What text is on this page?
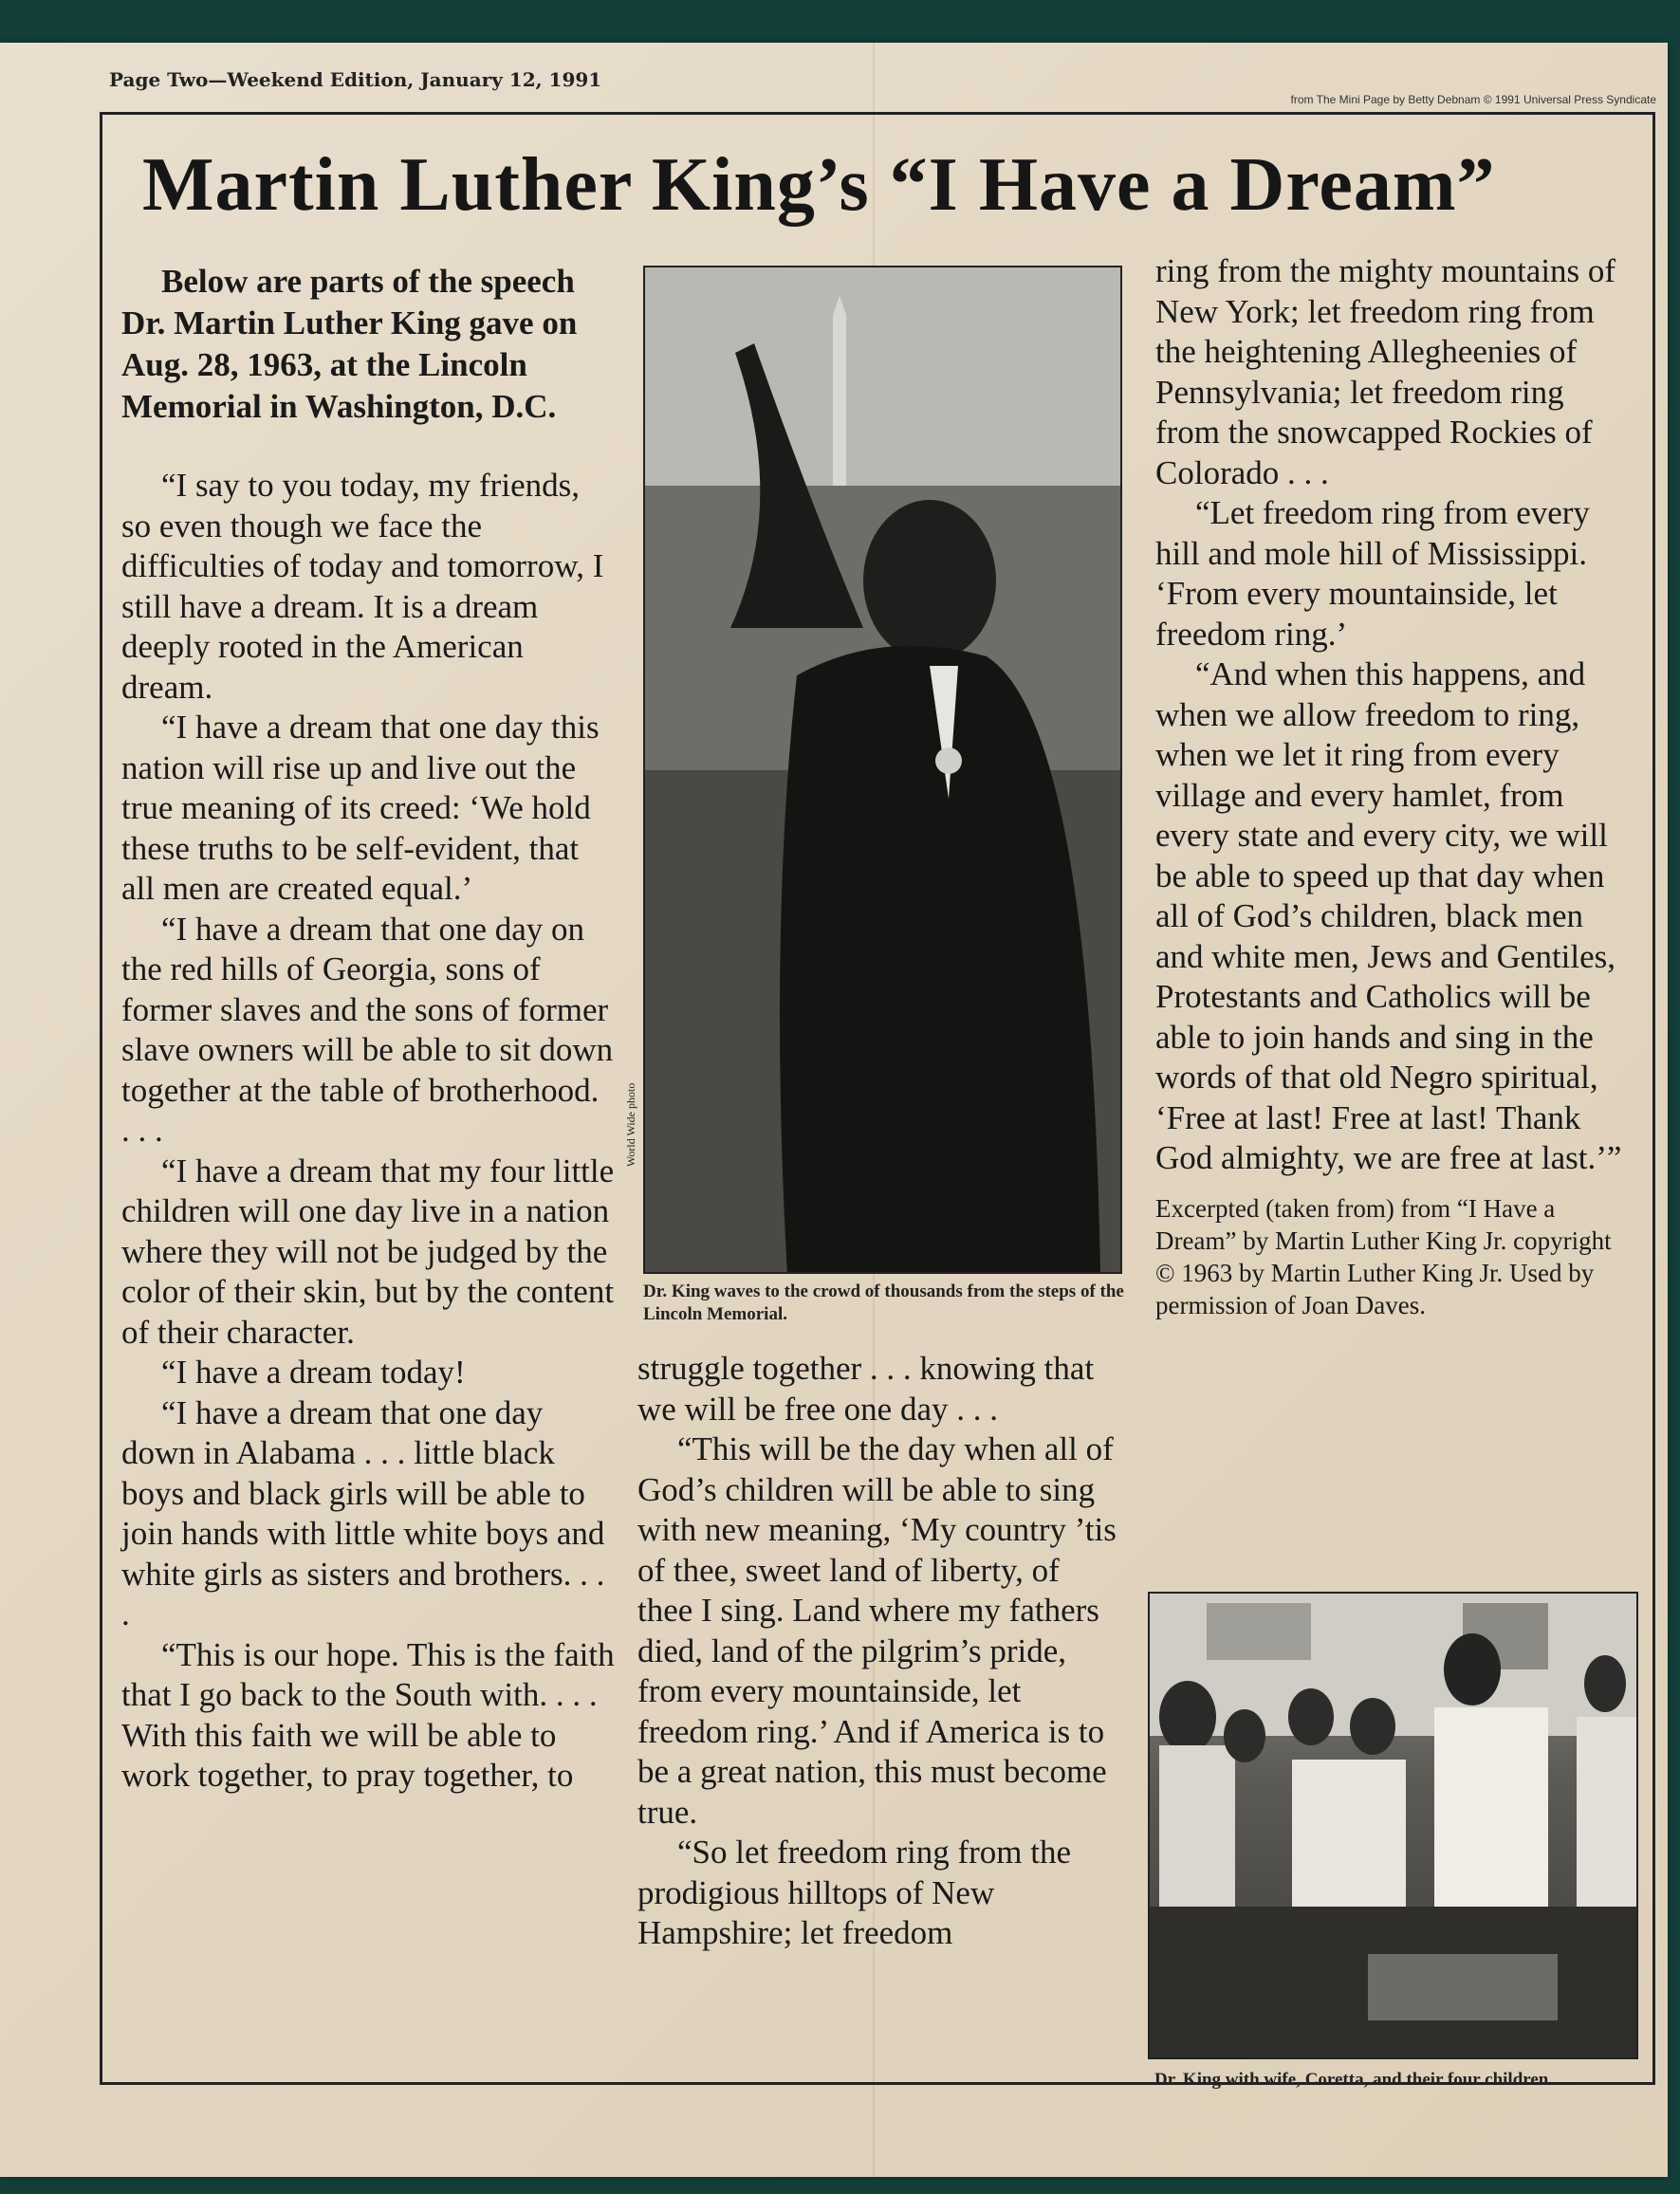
Page Two—Weekend Edition, January 12, 1991
from The Mini Page by Betty Debnam © 1991 Universal Press Syndicate
Martin Luther King’s “I Have a Dream”

Below are parts of the speech Dr. Martin Luther King gave on Aug. 28, 1963, at the Lincoln Memorial in Washington, D.C.

“I say to you today, my friends, so even though we face the difficulties of today and tomorrow, I still have a dream. It is a dream deeply rooted in the American dream.

“I have a dream that one day this nation will rise up and live out the true meaning of its creed: ‘We hold these truths to be self-evident, that all men are created equal.’

“I have a dream that one day on the red hills of Georgia, sons of former slaves and the sons of former slave owners will be able to sit down together at the table of brotherhood. . . .

“I have a dream that my four little children will one day live in a nation where they will not be judged by the color of their skin, but by the content of their character.

“I have a dream today!

“I have a dream that one day down in Alabama . . . little black boys and black girls will be able to join hands with little white boys and white girls as sisters and brothers. . . .

“This is our hope. This is the faith that I go back to the South with. . . . With this faith we will be able to work together, to pray together, to

World Wide photo
Dr. King waves to the crowd of thousands from the steps of the Lincoln Memorial.

struggle together . . . knowing that we will be free one day . . .

“This will be the day when all of God’s children will be able to sing with new meaning, ‘My country ’tis of thee, sweet land of liberty, of thee I sing. Land where my fathers died, land of the pilgrim’s pride, from every mountainside, let freedom ring.’ And if America is to be a great nation, this must become true.

“So let freedom ring from the prodigious hilltops of New Hampshire; let freedom

ring from the mighty mountains of New York; let freedom ring from the heightening Allegheenies of Pennsylvania; let freedom ring from the snowcapped Rockies of Colorado . . .

“Let freedom ring from every hill and mole hill of Mississippi. ‘From every mountainside, let freedom ring.’

“And when this happens, and when we allow freedom to ring, when we let it ring from every village and every hamlet, from every state and every city, we will be able to speed up that day when all of God’s children, black men and white men, Jews and Gentiles, Protestants and Catholics will be able to join hands and sing in the words of that old Negro spiritual, ‘Free at last! Free at last! Thank God almighty, we are free at last.’”

Excerpted (taken from) from “I Have a Dream” by Martin Luther King Jr. copyright © 1963 by Martin Luther King Jr. Used by permission of Joan Daves.

Dr. King with wife, Coretta, and their four children.
